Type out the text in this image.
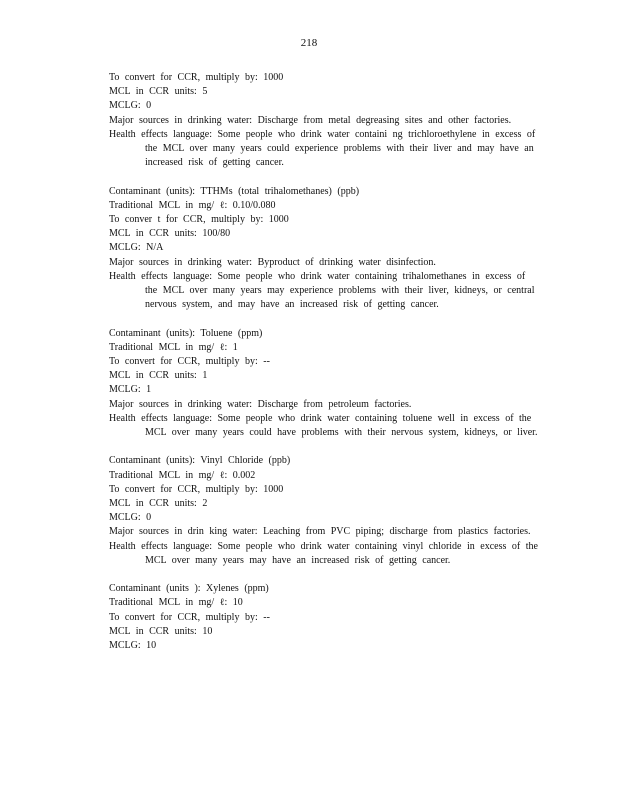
218
To convert for CCR, multiply by: 1000
MCL in CCR units: 5
MCLG: 0
Major sources in drinking water: Discharge from metal degreasing sites and other factories.
Health effects language: Some people who drink water containi ng trichloroethylene in excess of the MCL over many years could experience problems with their liver and may have an increased risk of getting cancer.
Contaminant (units): TTHMs (total trihalomethanes) (ppb)
Traditional MCL in mg/ ℓ: 0.10/0.080
To conver t for CCR, multiply by: 1000
MCL in CCR units: 100/80
MCLG: N/A
Major sources in drinking water: Byproduct of drinking water disinfection.
Health effects language: Some people who drink water containing trihalomethanes in excess of the MCL over many years may experience problems with their liver, kidneys, or central nervous system, and may have an increased risk of getting cancer.
Contaminant (units): Toluene (ppm)
Traditional MCL in mg/ ℓ: 1
To convert for CCR, multiply by: --
MCL in CCR units: 1
MCLG: 1
Major sources in drinking water: Discharge from petroleum factories.
Health effects language: Some people who drink water containing toluene well in excess of the MCL over many years could have problems with their nervous system, kidneys, or liver.
Contaminant (units): Vinyl Chloride (ppb)
Traditional MCL in mg/ ℓ: 0.002
To convert for CCR, multiply by: 1000
MCL in CCR units: 2
MCLG: 0
Major sources in drin king water: Leaching from PVC piping; discharge from plastics factories.
Health effects language: Some people who drink water containing vinyl chloride in excess of the MCL over many years may have an increased risk of getting cancer.
Contaminant (units ): Xylenes (ppm)
Traditional MCL in mg/ ℓ: 10
To convert for CCR, multiply by: --
MCL in CCR units: 10
MCLG: 10
